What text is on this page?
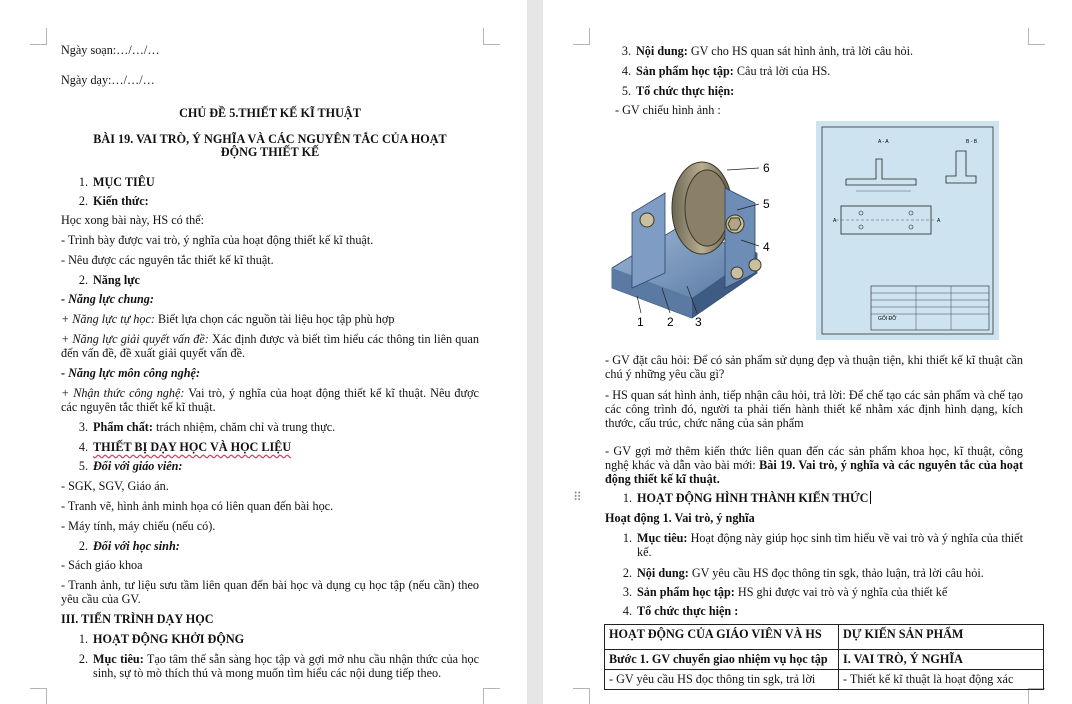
Ngày soạn:…/…/…
Ngày dạy:…/…/…
CHỦ ĐỀ 5.THIẾT KẾ KĨ THUẬT
BÀI 19. VAI TRÒ, Ý NGHĨA VÀ CÁC NGUYÊN TẮC CỦA HOẠT ĐỘNG THIẾT KẾ
1. MỤC TIÊU
2. Kiến thức:
Học xong bài này, HS có thể:
- Trình bày được vai trò, ý nghĩa của hoạt động thiết kế kĩ thuật.
- Nêu được các nguyên tắc thiết kế kĩ thuật.
2. Năng lực
- Năng lực chung:
+ Năng lực tự học: Biết lựa chọn các nguồn tài liệu học tập phù hợp
+ Năng lực giải quyết vấn đề: Xác định được và biết tìm hiểu các thông tin liên quan đến vấn đề, đề xuất giải quyết vấn đề.
- Năng lực môn công nghệ:
+ Nhận thức công nghệ: Vai trò, ý nghĩa của hoạt động thiết kế kĩ thuật. Nêu được các nguyên tắc thiết kế kĩ thuật.
3. Phẩm chất: trách nhiệm, chăm chỉ và trung thực.
4. THIẾT BỊ DẠY HỌC VÀ HỌC LIỆU
5. Đối với giáo viên:
- SGK, SGV, Giáo án.
- Tranh vẽ, hình ảnh minh họa có liên quan đến bài học.
- Máy tính, máy chiếu (nếu có).
2. Đối với học sinh:
- Sách giáo khoa
- Tranh ảnh, tư liệu sưu tầm liên quan đến bài học và dụng cụ học tập (nếu cần) theo yêu cầu của GV.
III. TIẾN TRÌNH DẠY HỌC
1. HOẠT ĐỘNG KHỞI ĐỘNG
2. Mục tiêu: Tạo tâm thế sẵn sàng học tập và gợi mở nhu cầu nhận thức của học sinh, sự tò mò thích thú và mong muốn tìm hiểu các nội dung tiếp theo.
3. Nội dung: GV cho HS quan sát hình ảnh, trả lời câu hỏi.
4. Sản phẩm học tập: Câu trả lời của HS.
5. Tổ chức thực hiện:
- GV chiếu hình ảnh :
6
5
4
1 2 3
A - A	B - B
A	A
GỐI ĐỠ
- GV đặt câu hỏi: Để có sản phẩm sử dụng đẹp và thuận tiện, khi thiết kế kĩ thuật cần chú ý những yêu cầu gì?
- HS quan sát hình ảnh, tiếp nhận câu hỏi, trả lời: Để chế tạo các sản phẩm và chế tạo các công trình đó, người ta phải tiến hành thiết kế nhằm xác định hình dạng, kích thước, cấu trúc, chức năng của sản phẩm
- GV gợi mở thêm kiến thức liên quan đến các sản phẩm khoa học, kĩ thuật, công nghệ khác và dẫn vào bài mới: Bài 19. Vai trò, ý nghĩa và các nguyên tắc của hoạt động thiết kế kĩ thuật.
⠿	1. HOẠT ĐỘNG HÌNH THÀNH KIẾN THỨC
Hoạt động 1. Vai trò, ý nghĩa
1. Mục tiêu: Hoạt động này giúp học sinh tìm hiểu về vai trò và ý nghĩa của thiết kế.
2. Nội dung: GV yêu cầu HS đọc thông tin sgk, thảo luận, trả lời câu hỏi.
3. Sản phẩm học tập: HS ghi được vai trò và ý nghĩa của thiết kế
4. Tổ chức thực hiện :
HOẠT ĐỘNG CỦA GIÁO VIÊN VÀ HS	DỰ KIẾN SẢN PHẨM
Bước 1. GV chuyển giao nhiệm vụ học tập	I. VAI TRÒ, Ý NGHĨA
- GV yêu cầu HS đọc thông tin sgk, trả lời	- Thiết kế kĩ thuật là hoạt động xác
